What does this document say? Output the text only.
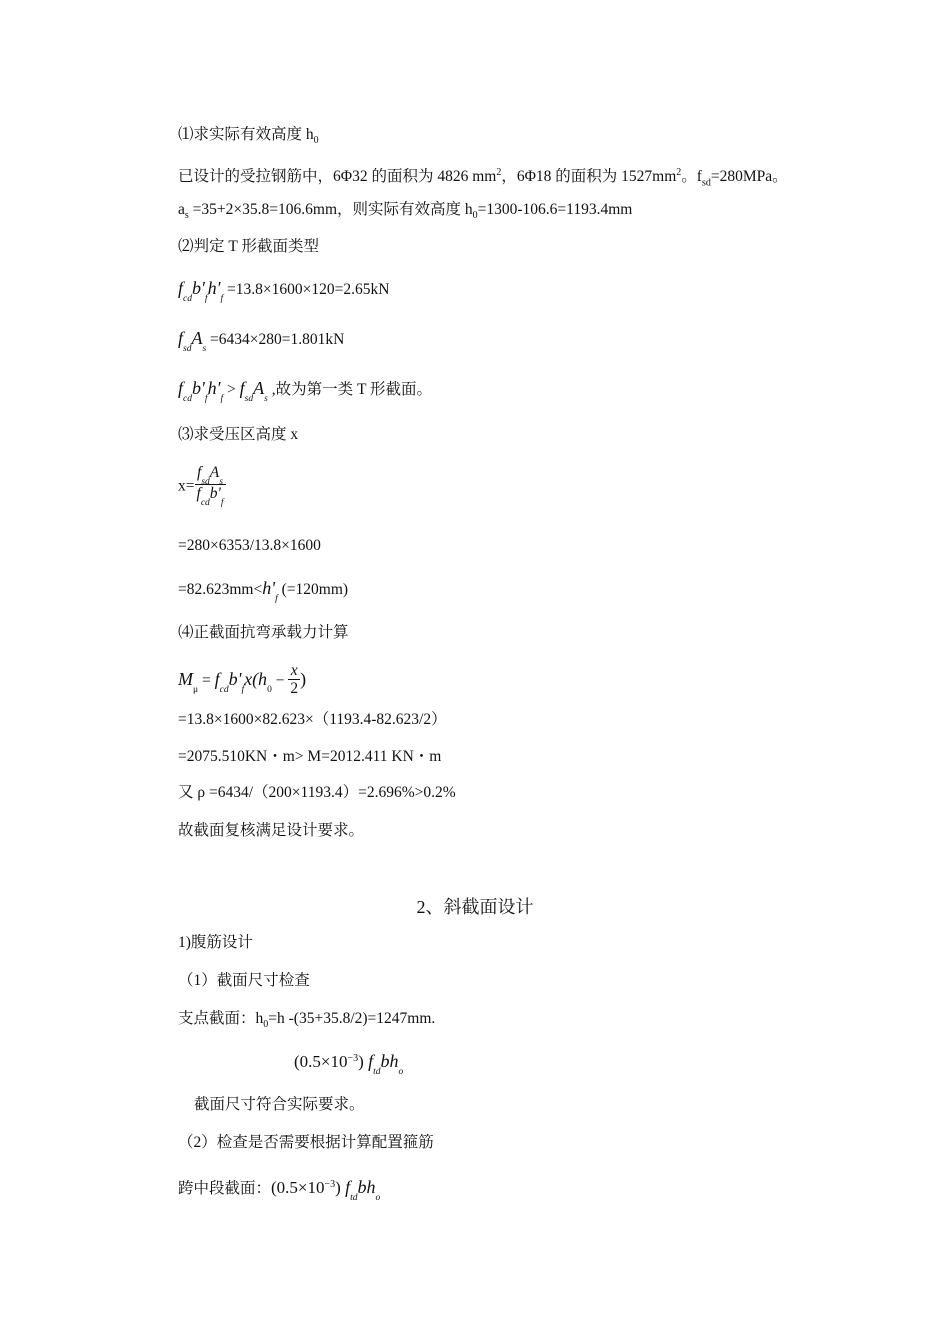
⑴求实际有效高度 $h_0$
已设计的受拉钢筋中，6Φ32 的面积为 4826 $mm^2$，6Φ18 的面积为 $1527mm^2$。$f_{sd}=280MPa$。
$a_s =35+2\times 35.8=106.6mm$，则实际有效高度 $h_0=1300-106.6=1193.4mm$
⑵判定 T 形截面类型
$f_{cd}b'_fh'_f =13.8\times 1600\times 120=2.65kN$
$f_{sd}A_s =6434\times 280=1.801kN$
$f_{cd}b'_fh'_f > f_{sd}A_s$ ,故为第一类 T 形截面。
⑶求受压区高度 x
$x= \frac{f_{sd}A_s}{f_{cd}b'_f}$
=280×6353/13.8×1600
$=82.623mm<h'_f$ (=120mm)
⑷正截面抗弯承载力计算
$M_\mu = f_{cd}b'_fx(h_0 - \frac{x}{2}$ )
=13.8×1600×82.623×（1193.4-82.623/2）
=2075.510KN・m> M=2012.411 KN・m
又 ρ =6434/（200×1193.4）=2.696%>0.2%
故截面复核满足设计要求。
2、斜截面设计
1)腹筋设计
（1）截面尺寸检查
支点截面：$h_0=h$ -(35+35.8/2)=1247mm.
$(0.5\times 10^{-3})$ $f_{td}bh_o$
截面尺寸符合实际要求。
（2）检查是否需要根据计算配置箍筋
跨中段截面：$(0.5\times 10^{-3})$ $f_{td}bh_o$
